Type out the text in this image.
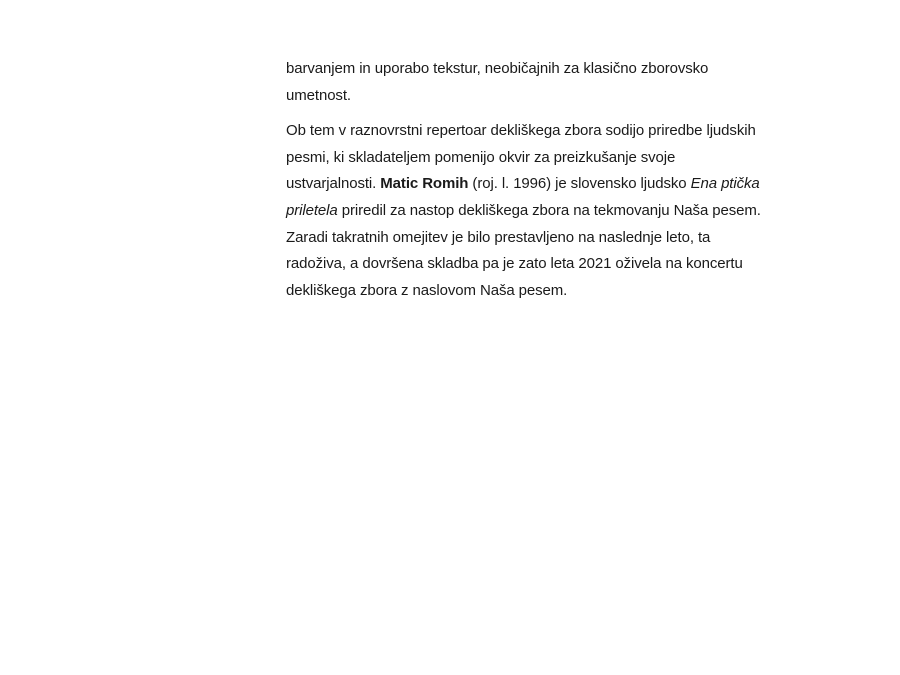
barvanjem in uporabo tekstur, neobičajnih za klasično zborovsko umetnost.

Ob tem v raznovrstni repertoar dekliškega zbora sodijo priredbe ljudskih pesmi, ki skladateljem pomenijo okvir za preizkušanje svoje ustvarjalnosti. Matic Romih (roj. l. 1996) je slovensko ljudsko Ena ptička priletela priredil za nastop dekliškega zbora na tekmovanju Naša pesem. Zaradi takratnih omejitev je bilo prestavljeno na naslednje leto, ta radoživa, a dovršena skladba pa je zato leta 2021 oživela na koncertu dekliškega zbora z naslovom Naša pesem.
